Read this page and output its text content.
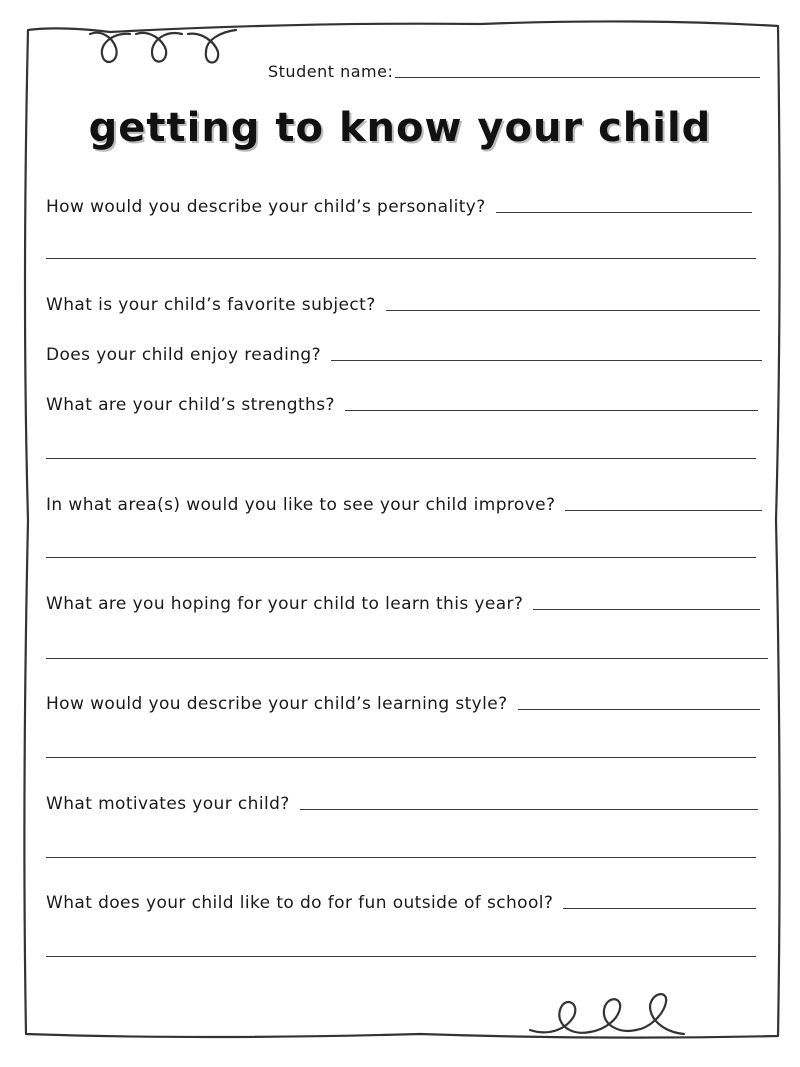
Student name:
getting to know your child
How would you describe your child’s personality?
What is your child’s favorite subject?
Does your child enjoy reading?
What are your child’s strengths?
In what area(s) would you like to see your child improve?
What are you hoping for your child to learn this year?
How would you describe your child’s learning style?
What motivates your child?
What does your child like to do for fun outside of school?
